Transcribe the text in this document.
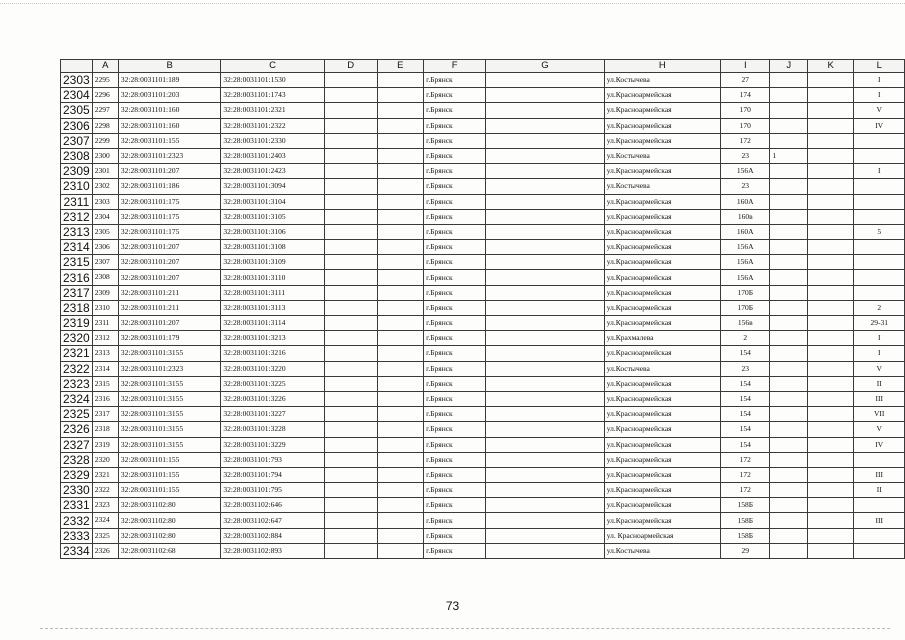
	A	B	C	D	E	F	G	H	I	J	K	L
2303	2295	32:28:0031101:189	32:28:0031101:1530			г.Брянск		ул.Костычева	27			I
2304	2296	32:28:0031101:203	32:28:0031101:1743			г.Брянск		ул.Красноармейская	174			I
2305	2297	32:28:0031101:160	32:28:0031101:2321			г.Брянск		ул.Красноармейская	170			V
2306	2298	32:28:0031101:160	32:28:0031101:2322			г.Брянск		ул.Красноармейская	170			IV
2307	2299	32:28:0031101:155	32:28:0031101:2330			г.Брянск		ул.Красноармейская	172			
2308	2300	32:28:0031101:2323	32:28:0031101:2403			г.Брянск		ул.Костычева	23	1		
2309	2301	32:28:0031101:207	32:28:0031101:2423			г.Брянск		ул.Красноармейская	156А			I
2310	2302	32:28:0031101:186	32:28:0031101:3094			г.Брянск		ул.Костычева	23			
2311	2303	32:28:0031101:175	32:28:0031101:3104			г.Брянск		ул.Красноармейская	160А			
2312	2304	32:28:0031101:175	32:28:0031101:3105			г.Брянск		ул.Красноармейская	160в			
2313	2305	32:28:0031101:175	32:28:0031101:3106			г.Брянск		ул.Красноармейская	160А			5
2314	2306	32:28:0031101:207	32:28:0031101:3108			г.Брянск		ул.Красноармейская	156А			
2315	2307	32:28:0031101:207	32:28:0031101:3109			г.Брянск		ул.Красноармейская	156А			
2316	2308	32:28:0031101:207	32:28:0031101:3110			г.Брянск		ул.Красноармейская	156А			
2317	2309	32:28:0031101:211	32:28:0031101:3111			г.Брянск		ул.Красноармейская	170Б			
2318	2310	32:28:0031101:211	32:28:0031101:3113			г.Брянск		ул.Красноармейская	170Б			2
2319	2311	32:28:0031101:207	32:28:0031101:3114			г.Брянск		ул.Красноармейская	156в			29-31
2320	2312	32:28:0031101:179	32:28:0031101:3213			г.Брянск		ул.Крахмалева	2			I
2321	2313	32:28:0031101:3155	32:28:0031101:3216			г.Брянск		ул.Красноармейская	154			I
2322	2314	32:28:0031101:2323	32:28:0031101:3220			г.Брянск		ул.Костычева	23			V
2323	2315	32:28:0031101:3155	32:28:0031101:3225			г.Брянск		ул.Красноармейская	154			II
2324	2316	32:28:0031101:3155	32:28:0031101:3226			г.Брянск		ул.Красноармейская	154			III
2325	2317	32:28:0031101:3155	32:28:0031101:3227			г.Брянск		ул.Красноармейская	154			VII
2326	2318	32:28:0031101:3155	32:28:0031101:3228			г.Брянск		ул.Красноармейская	154			V
2327	2319	32:28:0031101:3155	32:28:0031101:3229			г.Брянск		ул.Красноармейская	154			IV
2328	2320	32:28:0031101:155	32:28:0031101:793			г.Брянск		ул.Красноармейская	172			
2329	2321	32:28:0031101:155	32:28:0031101:794			г.Брянск		ул.Красноармейская	172			III
2330	2322	32:28:0031101:155	32:28:0031101:795			г.Брянск		ул.Красноармейская	172			II
2331	2323	32:28:0031102:80	32:28:0031102:646			г.Брянск		ул.Красноармейская	158Б			
2332	2324	32:28:0031102:80	32:28:0031102:647			г.Брянск		ул.Красноармейская	158Б			III
2333	2325	32:28:0031102:80	32:28:0031102:884			г.Брянск		ул. Красноармейская	158Б			
2334	2326	32:28:0031102:68	32:28:0031102:893			г.Брянск		ул.Костычева	29			
73
